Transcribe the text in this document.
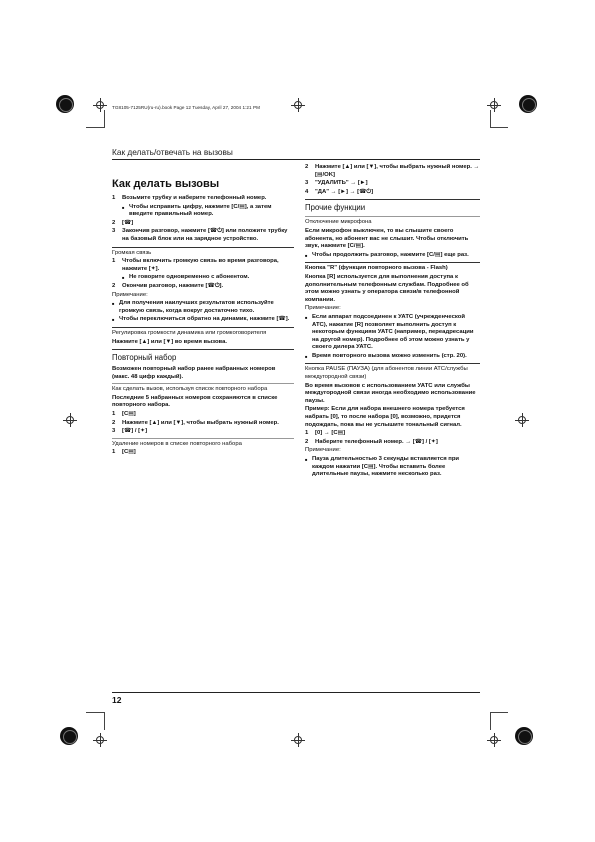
TG8105-7125RU(ru-ru).book Page 12 Tuesday, April 27, 2004 1:21 PM
Как делать/отвечать на вызовы
Как делать вызовы
1 Возьмите трубку и наберите телефонный номер.
■ Чтобы исправить цифру, нажмите [C/▤], а затем введите правильный номер.
2 [☎]
3 Закончив разговор, нажмите [☎⏻] или положите трубку на базовый блок или на зарядное устройство.
Громкая связь
1 Чтобы включить громкую связь во время разговора, нажмите [✦].
■ Не говорите одновременно с абонентом.
2 Окончив разговор, нажмите [☎⏻].
Примечание:
■ Для получения наилучших результатов используйте громкую связь, когда вокруг достаточно тихо.
■ Чтобы переключиться обратно на динамик, нажмите [☎].
Регулировка громкости динамика или громкоговорителя
Нажмите [▲] или [▼] во время вызова.
Повторный набор
Возможен повторный набор ранее набранных номеров (макс. 48 цифр каждый).
Как сделать вызов, используя список повторного набора
Последние 5 набранных номеров сохраняются в списке повторного набора.
1 [C▤]
2 Нажмите [▲] или [▼], чтобы выбрать нужный номер.
3 [☎] / [✦]
Удаление номеров в списке повторного набора
1 [C▤]
2 Нажмите [▲] или [▼], чтобы выбрать нужный номер. → [▤/OK]
3 "УДАЛИТЬ" → [►]
4 "ДА" → [►] → [☎⏻]
Прочие функции
Отключение микрофона
Если микрофон выключен, то вы слышите своего абонента, но абонент вас не слышит. Чтобы отключить звук, нажмите [C/▤].
■ Чтобы продолжить разговор, нажмите [C/▤] еще раз.
Кнопка "R" (функция повторного вызова - Flash)
Кнопка [R] используется для выполнения доступа к дополнительным телефонным службам. Подробнее об этом можно узнать у оператора связи/в телефонной компании.
Примечание:
■ Если аппарат подсоединен к УАТС (учрежденческой АТС), нажатие [R] позволяет выполнить доступ к некоторым функциям УАТС (например, переадресации на другой номер). Подробнее об этом можно узнать у своего дилера УАТС.
■ Время повторного вызова можно изменить (стр. 20).
Кнопка PAUSE (ПАУЗА) (для абонентов линии АТС/службы междугородной связи)
Во время вызовов с использованием УАТС или службы междугородной связи иногда необходимо использование паузы.
Пример: Если для набора внешнего номера требуется набрать [0], то после набора [0], возможно, придется подождать, пока вы не услышите тональный сигнал.
1 [0] → [C▤]
2 Наберите телефонный номер. → [☎] / [✦]
Примечание:
■ Пауза длительностью 3 секунды вставляется при каждом нажатии [C▤]. Чтобы вставить более длительные паузы, нажмите несколько раз.
12
